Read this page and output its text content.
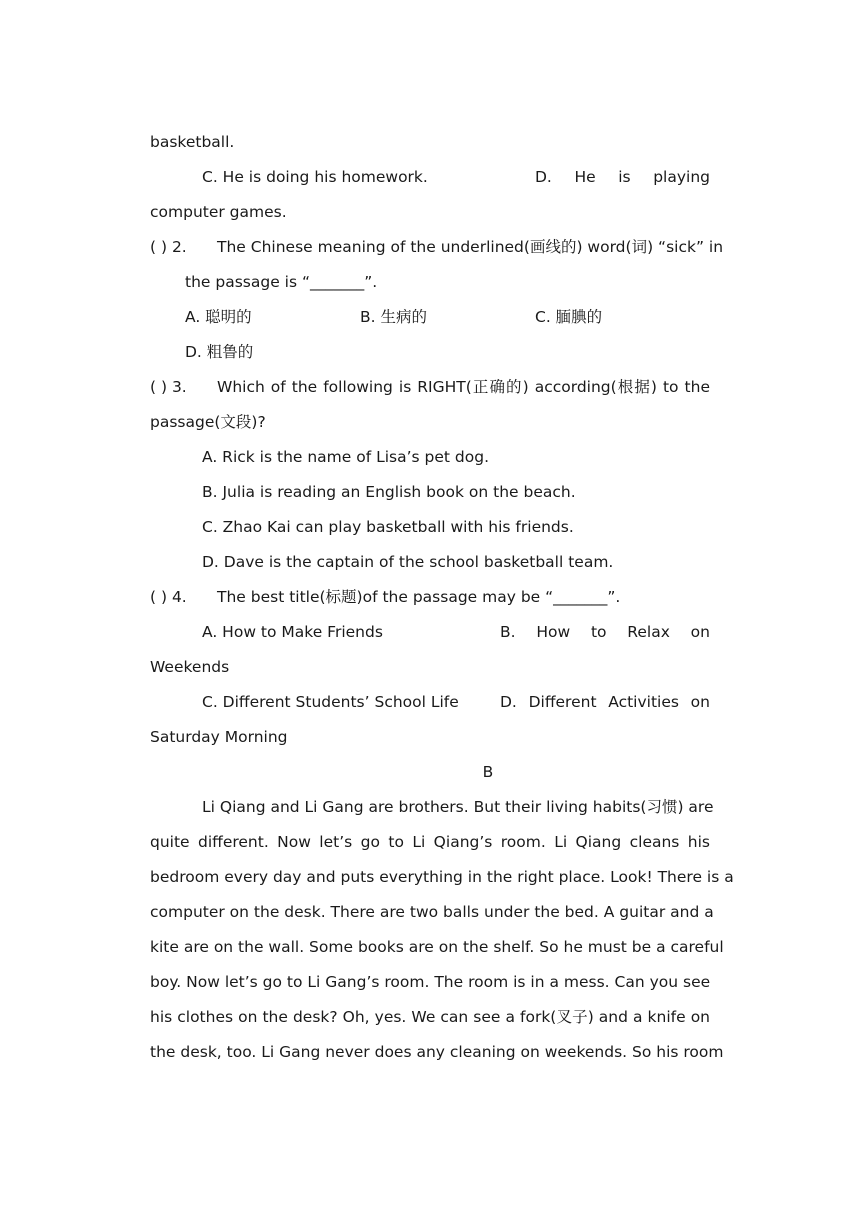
basketball.
C. He is doing his homework.	D. He is playing
computer games.
( ) 2. The Chinese meaning of the underlined(画线的) word(词) “sick” in
the passage is “_______”.
A. 聪明的	B. 生病的	C. 腼腆的
D. 粗鲁的
( ) 3. Which of the following is RIGHT(正确的) according(根据) to the
passage(文段)?
A. Rick is the name of Lisa’s pet dog.
B. Julia is reading an English book on the beach.
C. Zhao Kai can play basketball with his friends.
D. Dave is the captain of the school basketball team.
( ) 4. The best title(标题)of the passage may be “_______”.
A. How to Make Friends	B. How to Relax on
Weekends
C. Different Students’ School Life	D. Different Activities on
Saturday Morning
B
Li Qiang and Li Gang are brothers. But their living habits(习惯) are
quite different. Now let’s go to Li Qiang’s room. Li Qiang cleans his
bedroom every day and puts everything in the right place. Look! There is a
computer on the desk. There are two balls under the bed. A guitar and a
kite are on the wall. Some books are on the shelf. So he must be a careful
boy. Now let’s go to Li Gang’s room. The room is in a mess. Can you see
his clothes on the desk? Oh, yes. We can see a fork(叉子) and a knife on
the desk, too. Li Gang never does any cleaning on weekends. So his room
